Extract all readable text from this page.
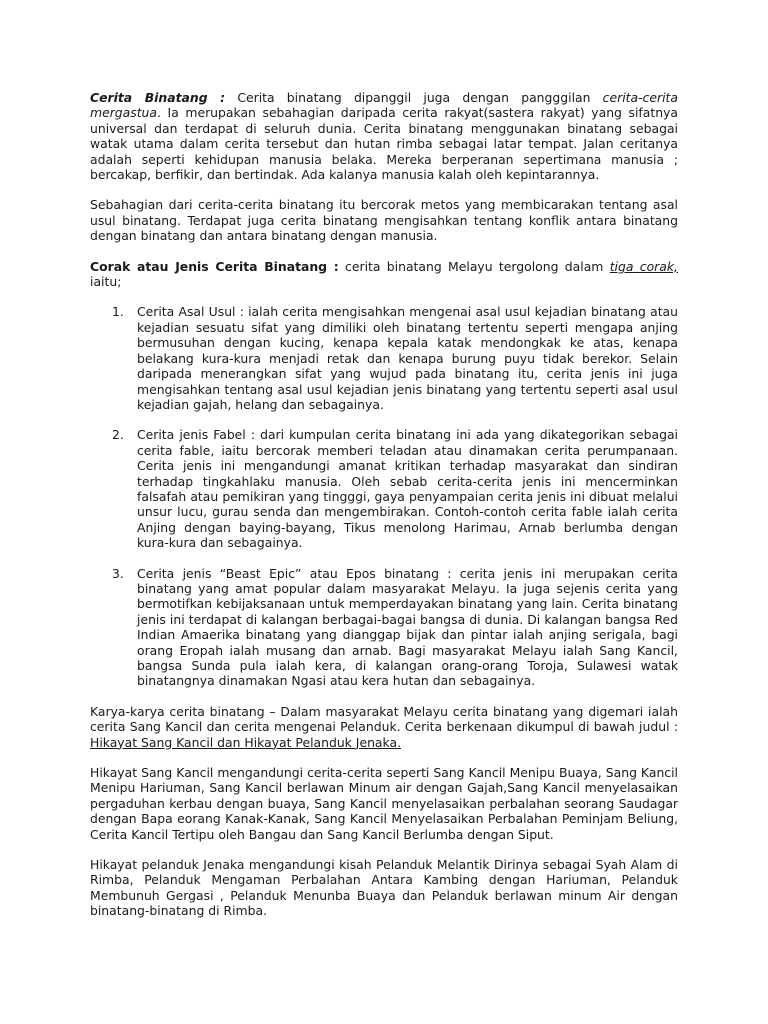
Cerita Binatang : Cerita binatang dipanggil juga dengan pangggilan cerita-cerita mergastua. Ia merupakan sebahagian daripada cerita rakyat(sastera rakyat) yang sifatnya universal dan terdapat di seluruh dunia. Cerita binatang menggunakan binatang sebagai watak utama dalam cerita tersebut dan hutan rimba sebagai latar tempat. Jalan ceritanya adalah seperti kehidupan manusia belaka. Mereka berperanan sepertimana manusia ; bercakap, berfikir, dan bertindak. Ada kalanya manusia kalah oleh kepintarannya.

Sebahagian dari cerita-cerita binatang itu bercorak metos yang membicarakan tentang asal usul binatang. Terdapat juga cerita binatang mengisahkan tentang konflik antara binatang dengan binatang dan antara binatang dengan manusia.

Corak atau Jenis Cerita Binatang : cerita binatang Melayu tergolong dalam tiga corak, iaitu;

1. Cerita Asal Usul : ialah cerita mengisahkan mengenai asal usul kejadian binatang atau kejadian sesuatu sifat yang dimiliki oleh binatang tertentu seperti mengapa anjing bermusuhan dengan kucing, kenapa kepala katak mendongkak ke atas, kenapa belakang kura-kura menjadi retak dan kenapa burung puyu tidak berekor. Selain daripada menerangkan sifat yang wujud pada binatang itu, cerita jenis ini juga mengisahkan tentang asal usul kejadian jenis binatang yang tertentu seperti asal usul kejadian gajah, helang dan sebagainya.
2. Cerita jenis Fabel : dari kumpulan cerita binatang ini ada yang dikategorikan sebagai cerita fable, iaitu bercorak memberi teladan atau dinamakan cerita perumpanaan. Cerita jenis ini mengandungi amanat kritikan terhadap masyarakat dan sindiran terhadap tingkahlaku manusia. Oleh sebab cerita-cerita jenis ini mencerminkan falsafah atau pemikiran yang tingggi, gaya penyampaian cerita jenis ini dibuat melalui unsur lucu, gurau senda dan mengembirakan. Contoh-contoh cerita fable ialah cerita Anjing dengan baying-bayang, Tikus menolong Harimau, Arnab berlumba dengan kura-kura dan sebagainya.
3. Cerita jenis “Beast Epic” atau Epos binatang : cerita jenis ini merupakan cerita binatang yang amat popular dalam masyarakat Melayu. Ia juga sejenis cerita yang bermotifkan kebijaksanaan untuk memperdayakan binatang yang lain. Cerita binatang jenis ini terdapat di kalangan berbagai-bagai bangsa di dunia. Di kalangan bangsa Red Indian Amaerika binatang yang dianggap bijak dan pintar ialah anjing serigala, bagi orang Eropah ialah musang dan arnab. Bagi masyarakat Melayu ialah Sang Kancil, bangsa Sunda pula ialah kera, di kalangan orang-orang Toroja, Sulawesi watak binatangnya dinamakan Ngasi atau kera hutan dan sebagainya.

Karya-karya cerita binatang – Dalam masyarakat Melayu cerita binatang yang digemari ialah cerita Sang Kancil dan cerita mengenai Pelanduk. Cerita berkenaan dikumpul di bawah judul : Hikayat Sang Kancil dan Hikayat Pelanduk Jenaka.

Hikayat Sang Kancil mengandungi cerita-cerita seperti Sang Kancil Menipu Buaya, Sang Kancil Menipu Hariuman, Sang Kancil berlawan Minum air dengan Gajah,Sang Kancil menyelasaikan pergaduhan kerbau dengan buaya, Sang Kancil menyelasaikan perbalahan seorang Saudagar dengan Bapa eorang Kanak-Kanak, Sang Kancil Menyelasaikan Perbalahan Peminjam Beliung, Cerita Kancil Tertipu oleh Bangau dan Sang Kancil Berlumba dengan Siput.

Hikayat pelanduk Jenaka mengandungi kisah Pelanduk Melantik Dirinya sebagai Syah Alam di Rimba, Pelanduk Mengaman Perbalahan Antara Kambing dengan Hariuman, Pelanduk Membunuh Gergasi , Pelanduk Menunba Buaya dan Pelanduk berlawan minum Air dengan binatang-binatang di Rimba.
